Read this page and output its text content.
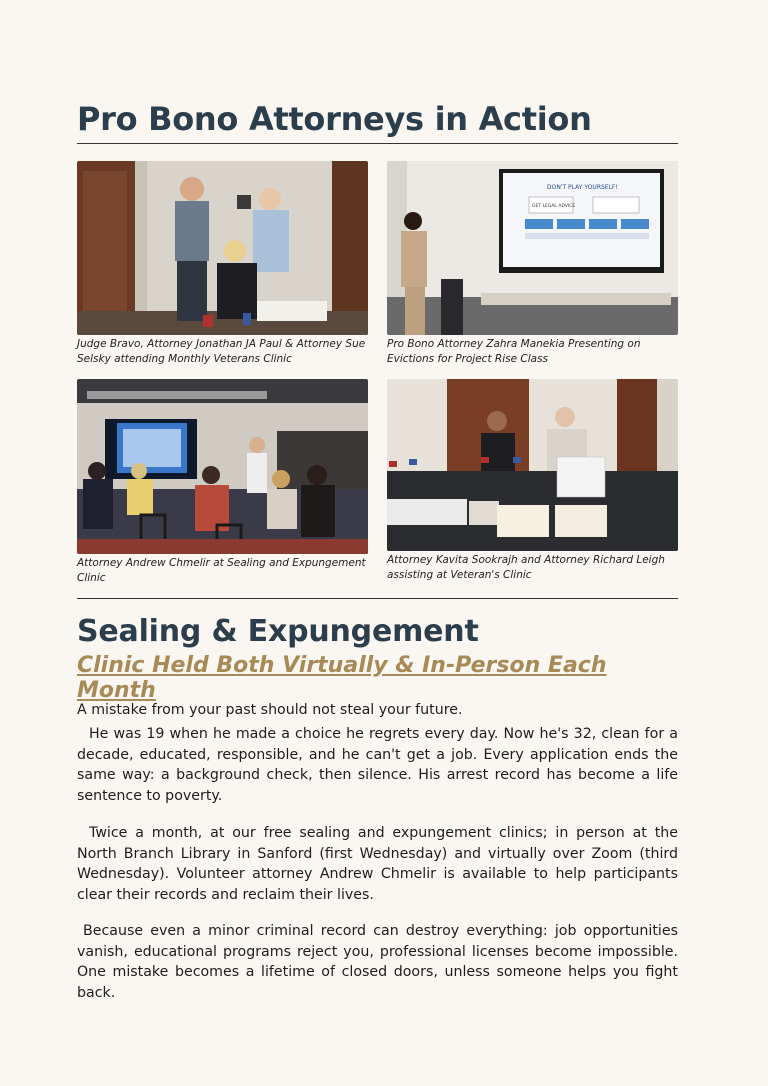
Pro Bono Attorneys in Action
Judge Bravo, Attorney Jonathan JA Paul & Attorney Sue Selsky attending Monthly Veterans Clinic
DON'T PLAY YOURSELF!
GET LEGAL ADVICE
Pro Bono Attorney Zahra Manekia Presenting on Evictions for Project Rise Class
Attorney Andrew Chmelir at Sealing and Expungement Clinic
Attorney Kavita Sookrajh and Attorney Richard Leigh assisting at Veteran's Clinic
Sealing & Expungement
Clinic Held Both Virtually & In-Person Each Month

A mistake from your past should not steal your future.

He was 19 when he made a choice he regrets every day. Now he's 32, clean for a decade, educated, responsible, and he can't get a job. Every application ends the same way: a background check, then silence. His arrest record has become a life sentence to poverty.

Twice a month, at our free sealing and expungement clinics; in person at the North Branch Library in Sanford (first Wednesday) and virtually over Zoom (third Wednesday). Volunteer attorney Andrew Chmelir is available to help participants clear their records and reclaim their lives.

Because even a minor criminal record can destroy everything: job opportunities vanish, educational programs reject you, professional licenses become impossible. One mistake becomes a lifetime of closed doors, unless someone helps you fight back.
